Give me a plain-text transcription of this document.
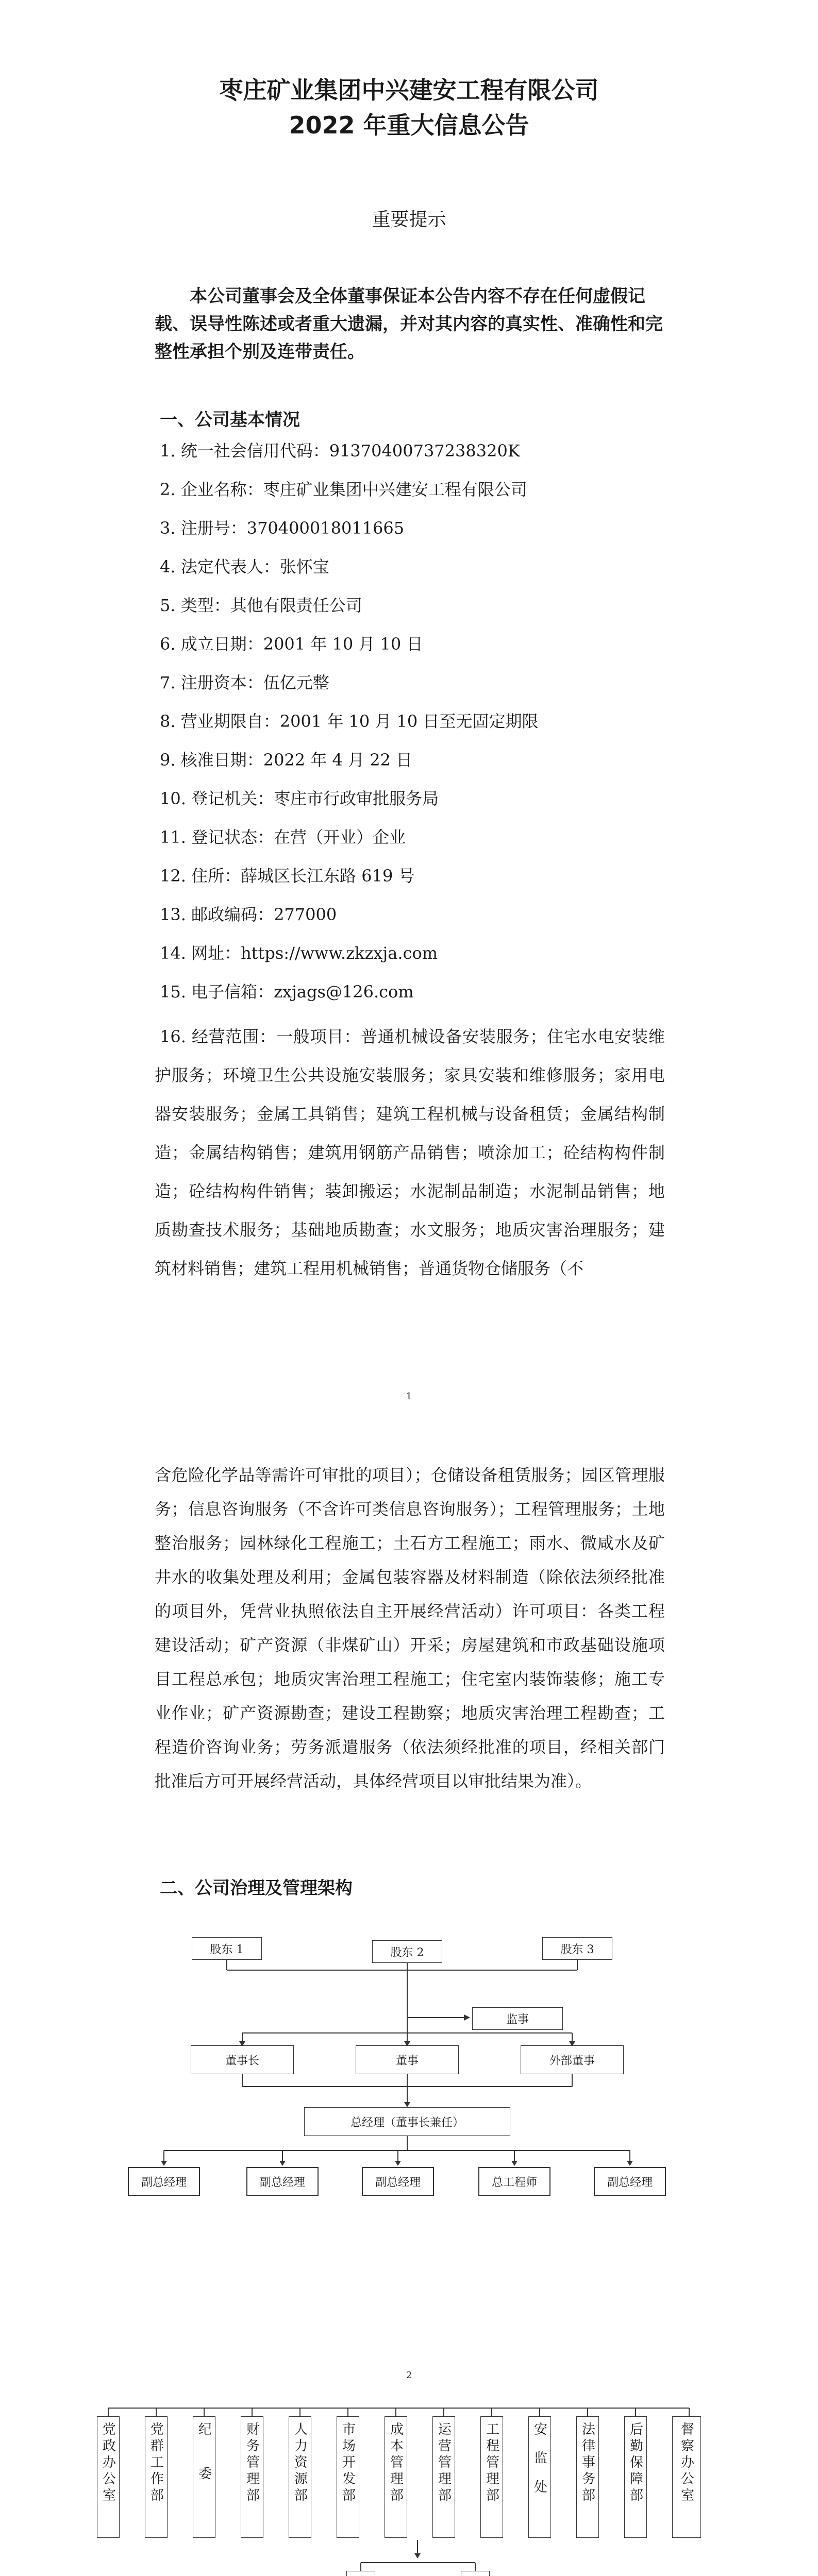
枣庄矿业集团中兴建安工程有限公司
2022 年重大信息公告
重要提示
本公司董事会及全体董事保证本公告内容不存在任何虚假记载、误导性陈述或者重大遗漏，并对其内容的真实性、准确性和完整性承担个别及连带责任。
一、公司基本情况
1. 统一社会信用代码：91370400737238320K
2. 企业名称：枣庄矿业集团中兴建安工程有限公司
3. 注册号：370400018011665
4. 法定代表人：张怀宝
5. 类型：其他有限责任公司
6. 成立日期：2001 年 10 月 10 日
7. 注册资本：伍亿元整
8. 营业期限自：2001 年 10 月 10 日至无固定期限
9. 核准日期：2022 年 4 月 22 日
10. 登记机关：枣庄市行政审批服务局
11. 登记状态：在营（开业）企业
12. 住所：薛城区长江东路 619 号
13. 邮政编码：277000
14. 网址：https://www.zkzxja.com
15. 电子信箱：zxjags@126.com
16. 经营范围：一般项目：普通机械设备安装服务；住宅水电安装维护服务；环境卫生公共设施安装服务；家具安装和维修服务；家用电器安装服务；金属工具销售；建筑工程机械与设备租赁；金属结构制造；金属结构销售；建筑用钢筋产品销售；喷涂加工；砼结构构件制造；砼结构构件销售；装卸搬运；水泥制品制造；水泥制品销售；地质勘查技术服务；基础地质勘查；水文服务；地质灾害治理服务；建筑材料销售；建筑工程用机械销售；普通货物仓储服务（不
1
含危险化学品等需许可审批的项目）；仓储设备租赁服务；园区管理服务；信息咨询服务（不含许可类信息咨询服务）；工程管理服务；土地整治服务；园林绿化工程施工；土石方工程施工；雨水、微咸水及矿井水的收集处理及利用；金属包装容器及材料制造（除依法须经批准的项目外，凭营业执照依法自主开展经营活动）许可项目：各类工程建设活动；矿产资源（非煤矿山）开采；房屋建筑和市政基础设施项目工程总承包；地质灾害治理工程施工；住宅室内装饰装修；施工专业作业；矿产资源勘查；建设工程勘察；地质灾害治理工程勘查；工程造价咨询业务；劳务派遣服务（依法须经批准的项目，经相关部门批准后方可开展经营活动，具体经营项目以审批结果为准）。
二、公司治理及管理架构
股东 1	股东 2	股东 3
监事
董事长	董事	外部董事
总经理（董事长兼任）
副总经理	副总经理	副总经理	总工程师	副总经理
2
党政办公室 党群工作部 纪委 财务管理部 人力资源部 市场开发部 成本管理部 运营管理部 工程管理部 安监处 法律事务部 后勤保障部	督察办公室
